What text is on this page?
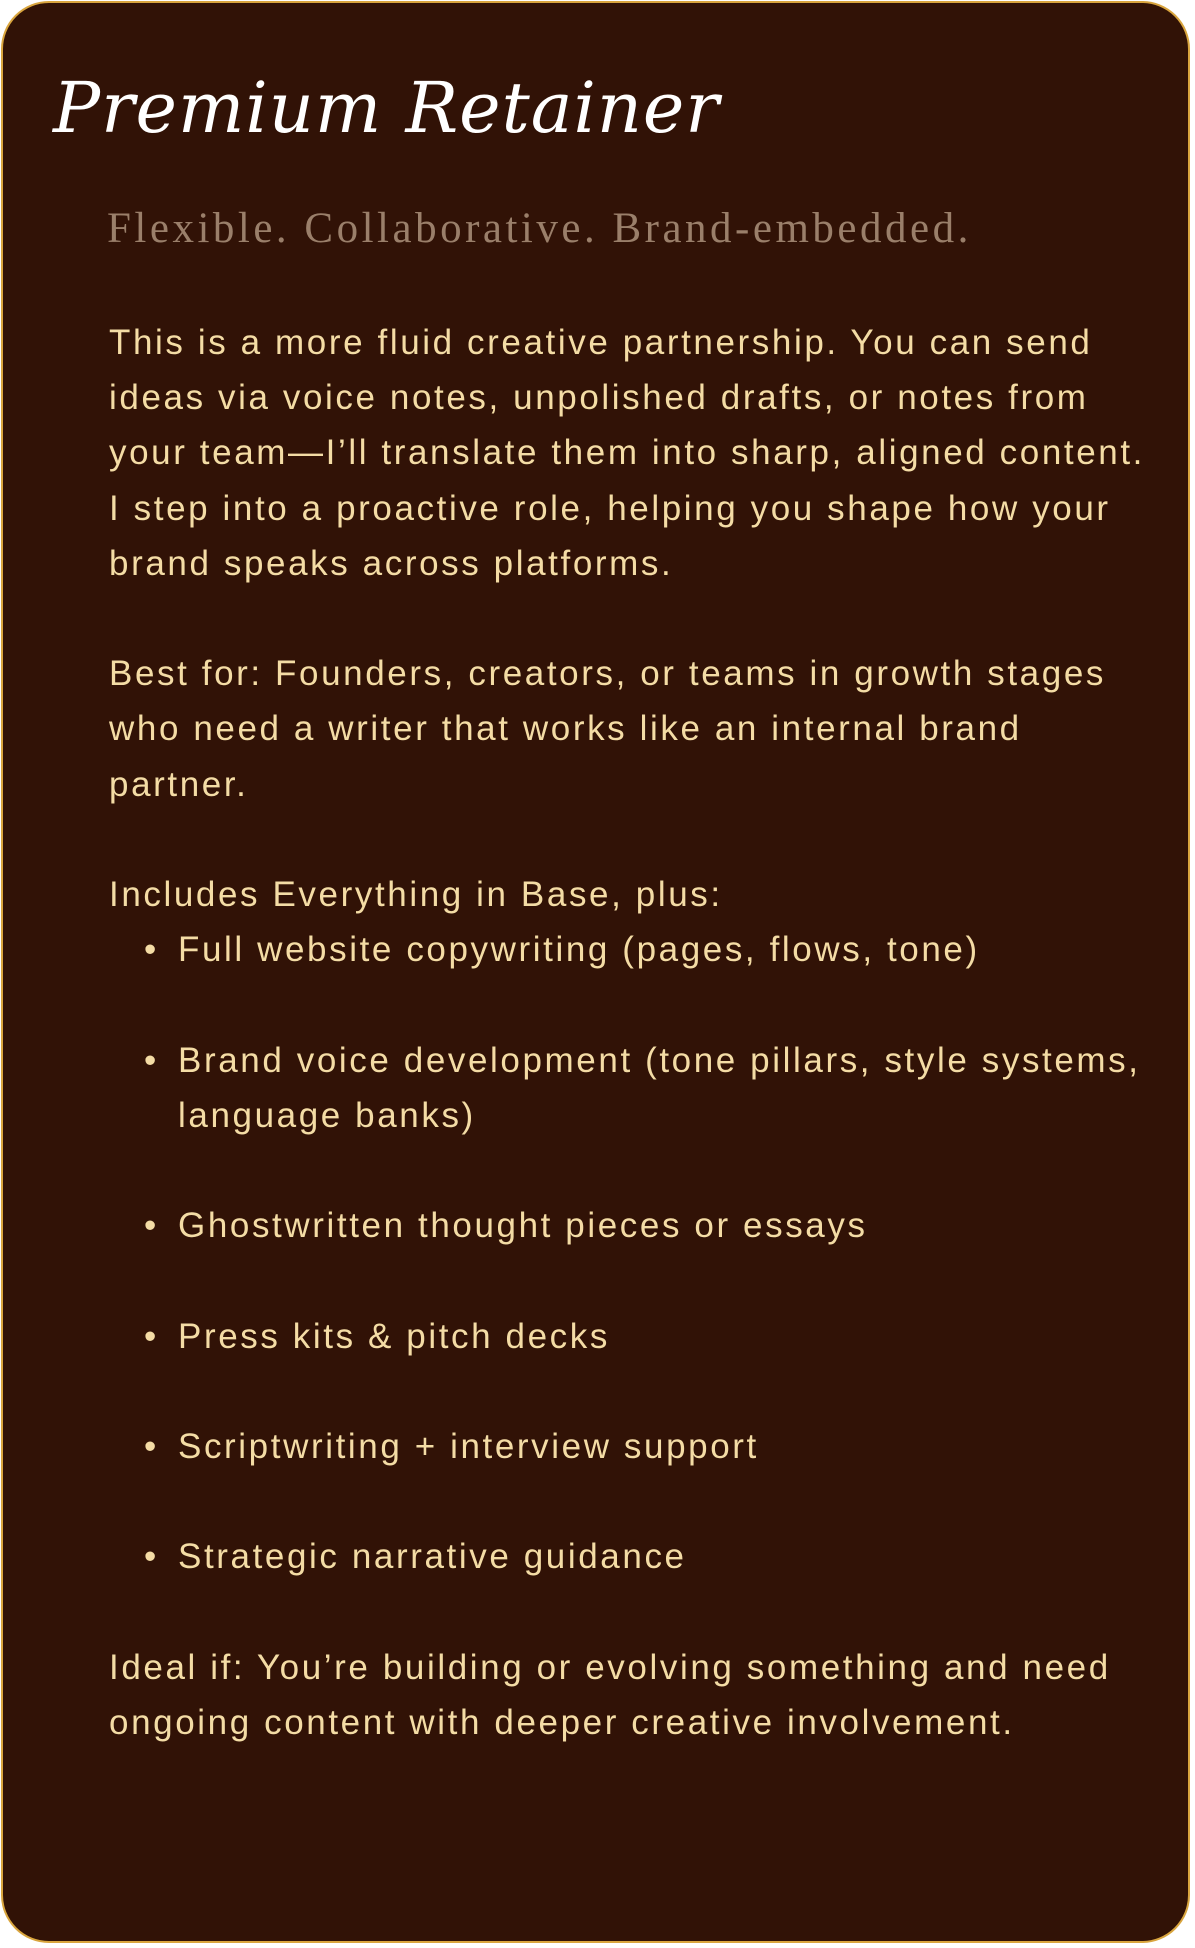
Premium Retainer

Flexible. Collaborative. Brand-embedded.

This is a more fluid creative partnership. You can send ideas via voice notes, unpolished drafts, or notes from your team—I’ll translate them into sharp, aligned content. I step into a proactive role, helping you shape how your brand speaks across platforms.

Best for: Founders, creators, or teams in growth stages who need a writer that works like an internal brand partner.

Includes Everything in Base, plus:

• Full website copywriting (pages, flows, tone)
• Brand voice development (tone pillars, style systems, language banks)
• Ghostwritten thought pieces or essays
• Press kits & pitch decks
• Scriptwriting + interview support
• Strategic narrative guidance

Ideal if: You’re building or evolving something and need ongoing content with deeper creative involvement.
